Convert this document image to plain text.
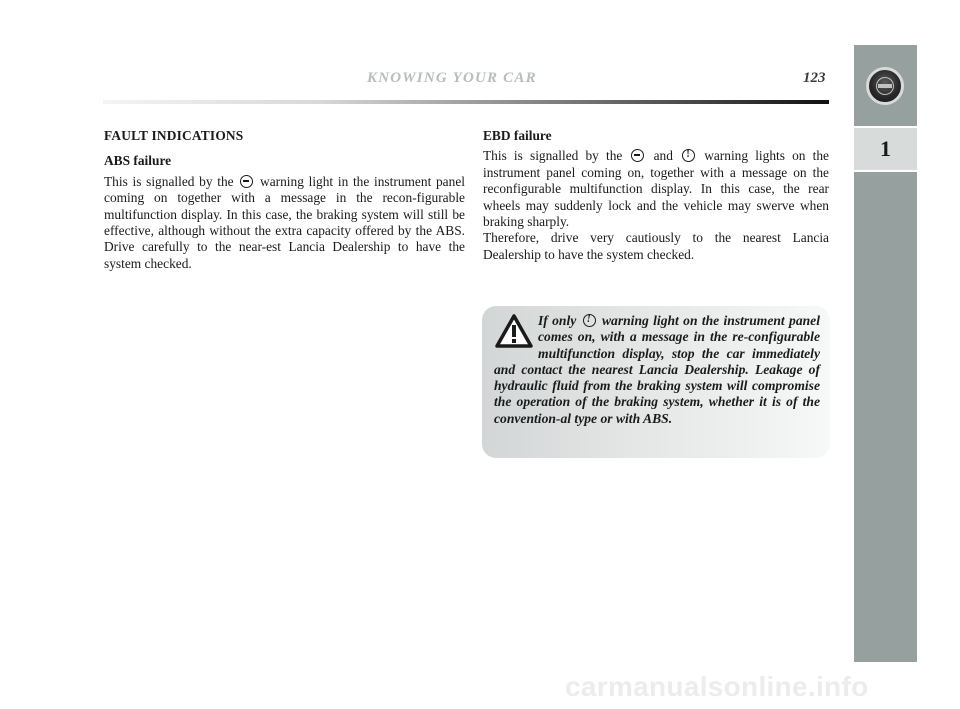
KNOWING YOUR CAR	123
1
FAULT INDICATIONS
ABS failure

This is signalled by the warning light in the instrument panel coming on together with a message in the recon-figurable multifunction display. In this case, the braking system will still be effective, although without the extra capacity offered by the ABS. Drive carefully to the near-est Lancia Dealership to have the system checked.

EBD failure

This is signalled by the and ! warning lights on the instrument panel coming on, together with a message on the reconfigurable multifunction display. In this case, the rear wheels may suddenly lock and the vehicle may swerve when braking sharply.

Therefore, drive very cautiously to the nearest Lancia Dealership to have the system checked.

If only ! warning light on the instrument panel comes on, with a message in the re-configurable multifunction display, stop the car immediately and contact the nearest Lancia Dealership. Leakage of hydraulic fluid from the braking system will compromise the operation of the braking system, whether it is of the convention-al type or with ABS.
carmanualsonline.info
